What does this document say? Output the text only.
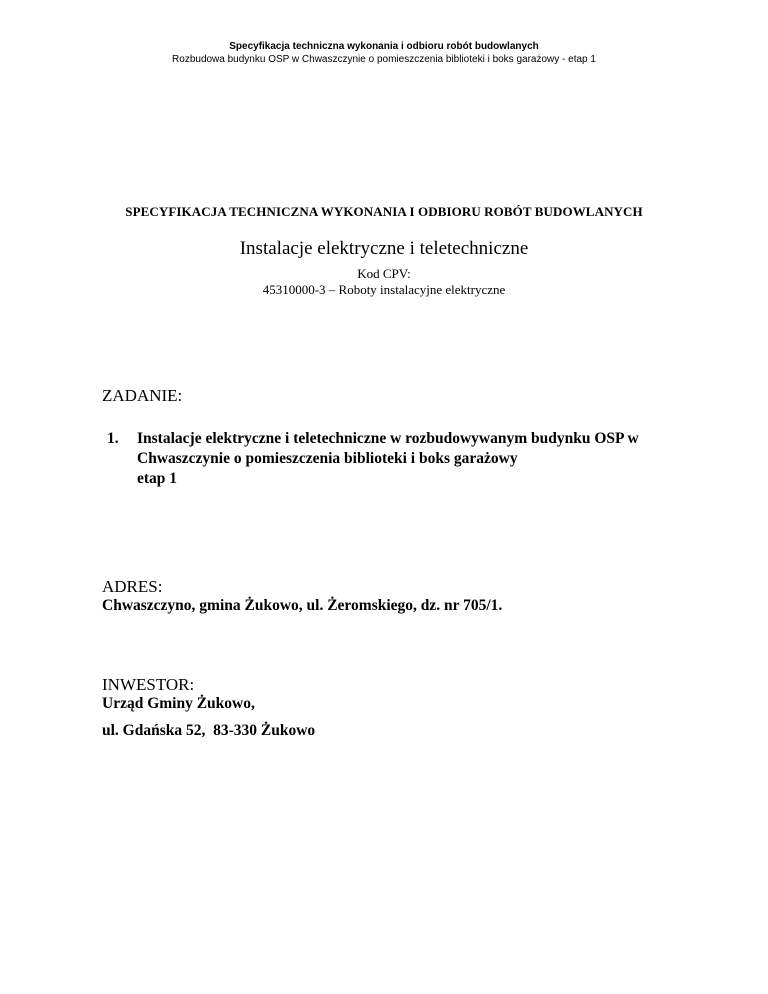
Specyfikacja techniczna wykonania i odbioru robót budowlanych
Rozbudowa budynku OSP w Chwaszczynie o pomieszczenia biblioteki i boks garażowy - etap 1
SPECYFIKACJA TECHNICZNA WYKONANIA I ODBIORU ROBÓT BUDOWLANYCH
Instalacje elektryczne i teletechniczne
Kod CPV:
45310000-3 – Roboty instalacyjne elektryczne
ZADANIE:
1.	Instalacje elektryczne i teletechniczne w rozbudowywanym budynku OSP w
Chwaszczynie o pomieszczenia biblioteki i boks garażowy
etap 1
ADRES:
Chwaszczyno, gmina Żukowo, ul. Żeromskiego, dz. nr 705/1.
INWESTOR:
Urząd Gminy Żukowo,
ul. Gdańska 52,  83-330 Żukowo
